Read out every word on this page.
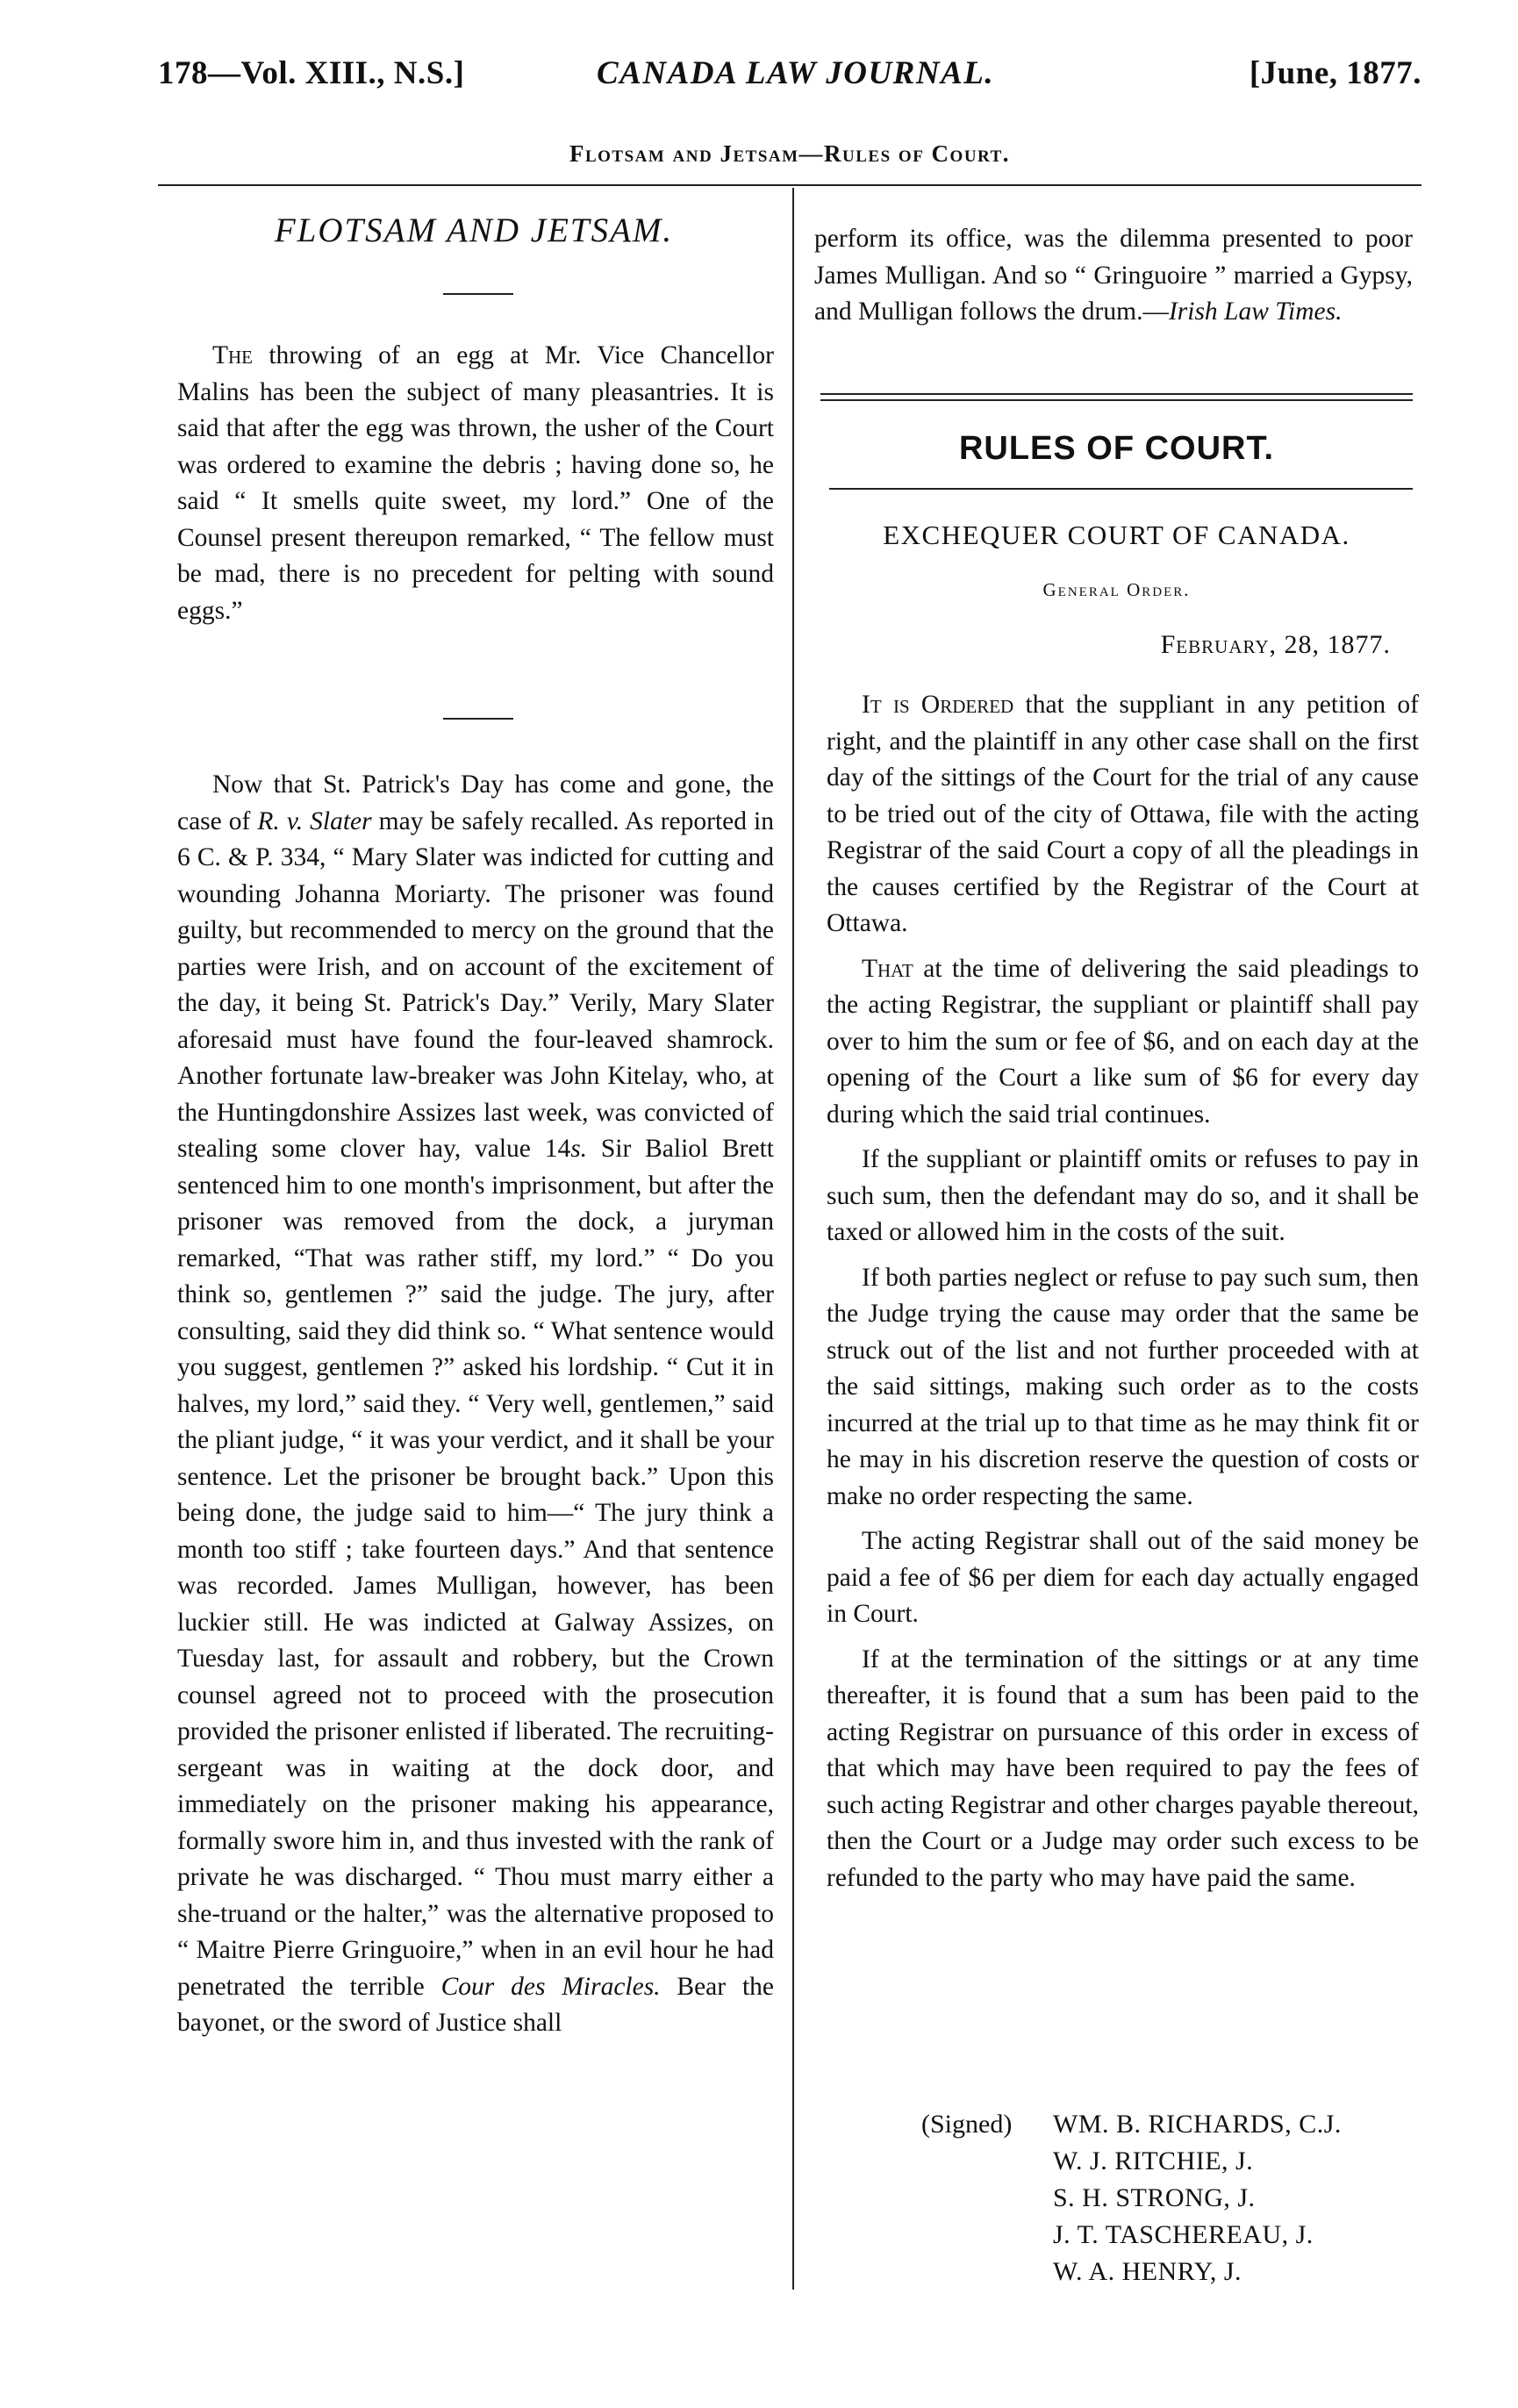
178—Vol. XIII., N.S.]	CANADA LAW JOURNAL.	[June, 1877.
Flotsam and Jetsam—Rules of Court.
FLOTSAM AND JETSAM.

The throwing of an egg at Mr. Vice Chancellor Malins has been the subject of many pleasantries. It is said that after the egg was thrown, the usher of the Court was ordered to examine the debris ; having done so, he said “ It smells quite sweet, my lord.” One of the Counsel present thereupon remarked, “ The fellow must be mad, there is no precedent for pelting with sound eggs.”

Now that St. Patrick's Day has come and gone, the case of R. v. Slater may be safely recalled. As reported in 6 C. & P. 334, “ Mary Slater was indicted for cutting and wounding Johanna Moriarty. The prisoner was found guilty, but recommended to mercy on the ground that the parties were Irish, and on account of the excitement of the day, it being St. Patrick's Day.” Verily, Mary Slater aforesaid must have found the four-leaved shamrock. Another fortunate law-breaker was John Kitelay, who, at the Huntingdonshire Assizes last week, was convicted of stealing some clover hay, value 14s. Sir Baliol Brett sentenced him to one month's imprisonment, but after the prisoner was removed from the dock, a juryman remarked, “That was rather stiff, my lord.” “ Do you think so, gentlemen ?” said the judge. The jury, after consulting, said they did think so. “ What sentence would you suggest, gentlemen ?” asked his lordship. “ Cut it in halves, my lord,” said they. “ Very well, gentlemen,” said the pliant judge, “ it was your verdict, and it shall be your sentence. Let the prisoner be brought back.” Upon this being done, the judge said to him—“ The jury think a month too stiff ; take fourteen days.” And that sentence was recorded. James Mulligan, however, has been luckier still. He was indicted at Galway Assizes, on Tuesday last, for assault and robbery, but the Crown counsel agreed not to proceed with the prosecution provided the prisoner enlisted if liberated. The recruiting-sergeant was in waiting at the dock door, and immediately on the prisoner making his appearance, formally swore him in, and thus invested with the rank of private he was discharged. “ Thou must marry either a she-truand or the halter,” was the alternative proposed to “ Maitre Pierre Gringuoire,” when in an evil hour he had penetrated the terrible Cour des Miracles. Bear the bayonet, or the sword of Justice shall

perform its office, was the dilemma presented to poor James Mulligan. And so “ Gringuoire ” married a Gypsy, and Mulligan follows the drum.—Irish Law Times.

RULES OF COURT.
EXCHEQUER COURT OF CANADA.
General Order.
February, 28, 1877.

It is Ordered that the suppliant in any petition of right, and the plaintiff in any other case shall on the first day of the sittings of the Court for the trial of any cause to be tried out of the city of Ottawa, file with the acting Registrar of the said Court a copy of all the pleadings in the causes certified by the Registrar of the Court at Ottawa.

That at the time of delivering the said pleadings to the acting Registrar, the suppliant or plaintiff shall pay over to him the sum or fee of $6, and on each day at the opening of the Court a like sum of $6 for every day during which the said trial continues.

If the suppliant or plaintiff omits or refuses to pay in such sum, then the defendant may do so, and it shall be taxed or allowed him in the costs of the suit.

If both parties neglect or refuse to pay such sum, then the Judge trying the cause may order that the same be struck out of the list and not further proceeded with at the said sittings, making such order as to the costs incurred at the trial up to that time as he may think fit or he may in his discretion reserve the question of costs or make no order respecting the same.

The acting Registrar shall out of the said money be paid a fee of $6 per diem for each day actually engaged in Court.

If at the termination of the sittings or at any time thereafter, it is found that a sum has been paid to the acting Registrar on pursuance of this order in excess of that which may have been required to pay the fees of such acting Registrar and other charges payable thereout, then the Court or a Judge may order such excess to be refunded to the party who may have paid the same.

(Signed) WM. B. RICHARDS, C.J.
W. J. RITCHIE, J.
S. H. STRONG, J.
J. T. TASCHEREAU, J.
W. A. HENRY, J.
